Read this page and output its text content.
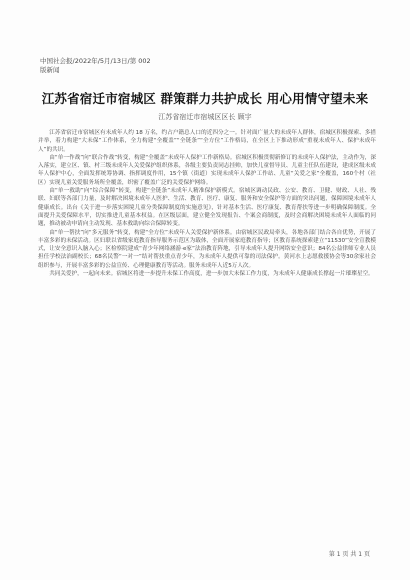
中国社会报/2022年/5月/13日/第 002
版新闻
江苏省宿迁市宿城区 群策群力共护成长 用心用情守望未来
江苏省宿迁市宿城区区长 顾宇

江苏省宿迁市宿城区有未成年人约 18 万名，约占户籍总人口的近四分之一。针对面广量大的未成年人群体，宿城区积极探索、多措并举，着力构建“大未保”工作体系，全力构建“全覆盖”“全链条”“全方位”工作格局，在全区上下推动形成“重视未成年人、保护未成年人”的共识。

由“单一作战”向“联合作战”转变，构建“全覆盖”未成年人保护工作新格局。宿城区积极贯彻新修订的未成年人保护法，主动作为，深入落实，建立区、镇、村三级未成年人关爱保护组织体系，各级主要负责同志挂帅，加快儿童督导员、儿童主任队伍建设，建成区级未成年人保护中心，全面发挥统筹协调、指挥调度作用，15个镇（街道）实现未成年人保护工作站、儿童“关爱之家”全覆盖，160个村（社区）实现儿童关爱服务场所全覆盖，织密了覆盖广泛的关爱保护网络。

由“单一救助”向“综合保障”转变，构建“全链条”未成年人精准保护新模式。宿城区调动民政、公安、教育、卫健、财政、人社、残联、妇联等各部门力量，及时解决困境未成年人医护、生活、教育、医疗、康复、服务和安全保护等方面的突出问题，保障困境未成年人健康成长。出台《关于进一步落实困境儿童分类保障制度的实施意见》，针对基本生活、医疗康复、教育帮扶等进一步明确保障制度。全面提升关爱保障水平，切实推进儿童基本权益。在区级层面，建立健全发现报告、个案会商制度，及时会商解决困境未成年人面临的问题，推动被动申请向主动发现、基本救助向综合保障转变。

由“单一帮扶”向“多元服务”转变，构建“全方位”未成年人关爱保护新体系。由宿城区民政局牵头，各地各部门结合各自优势，开展了丰富多彩的未保活动。区妇联以省级家庭教育指导服务示范区为载体，全面开展家庭教育指导；区教育系统探索建立“11530”安全宣教模式，让安全意识入脑入心；区检察院建成“青少年网络涵游·e家”法治教育阵地，引导未成年人提升网络安全意识；84名公益律师专业人员担任学校法治副校长；68名民警“一对一”结对帮扶重点青少年，为未成年人提供可靠的司法保护。黄河水上志愿救援协会等30余家社会组织参与，开展丰富多彩的公益宣传、心理健康教育等活动。服务未成年人近5万人次。

共同关爱护，一起向未来。宿城区将进一步提升未保工作高度，进一步加大未保工作力度，为未成年人健康成长撑起一片璀璨星空。

第 1 页 共 1 页
